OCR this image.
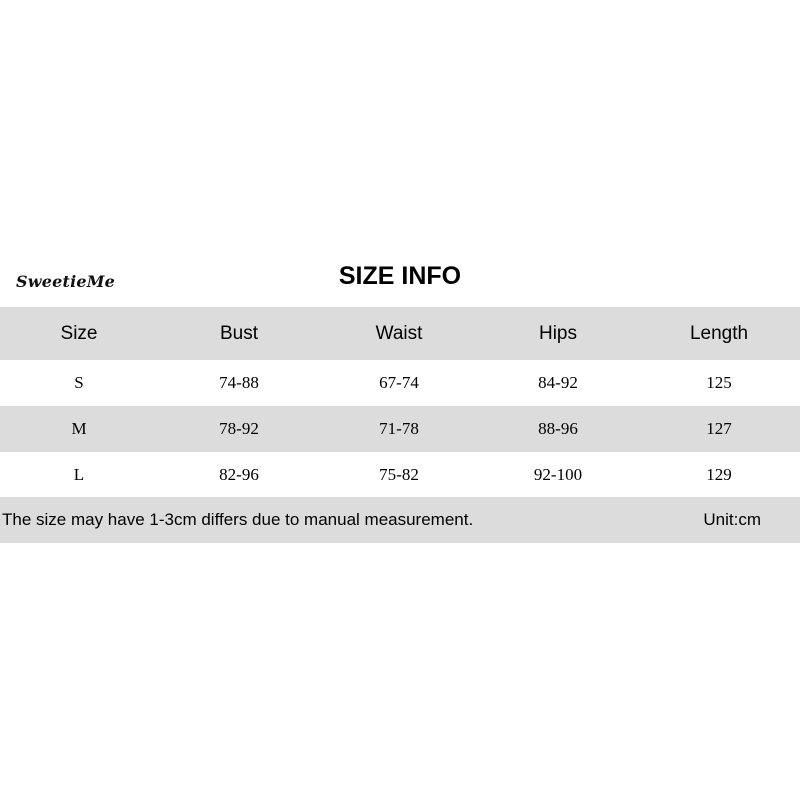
SweetieMe	SIZE INFO
Size	Bust	Waist	Hips	Length
S	74-88	67-74	84-92	125
M	78-92	71-78	88-96	127
L	82-96	75-82	92-100	129
The size may have 1-3cm differs due to manual measurement.	Unit:cm
